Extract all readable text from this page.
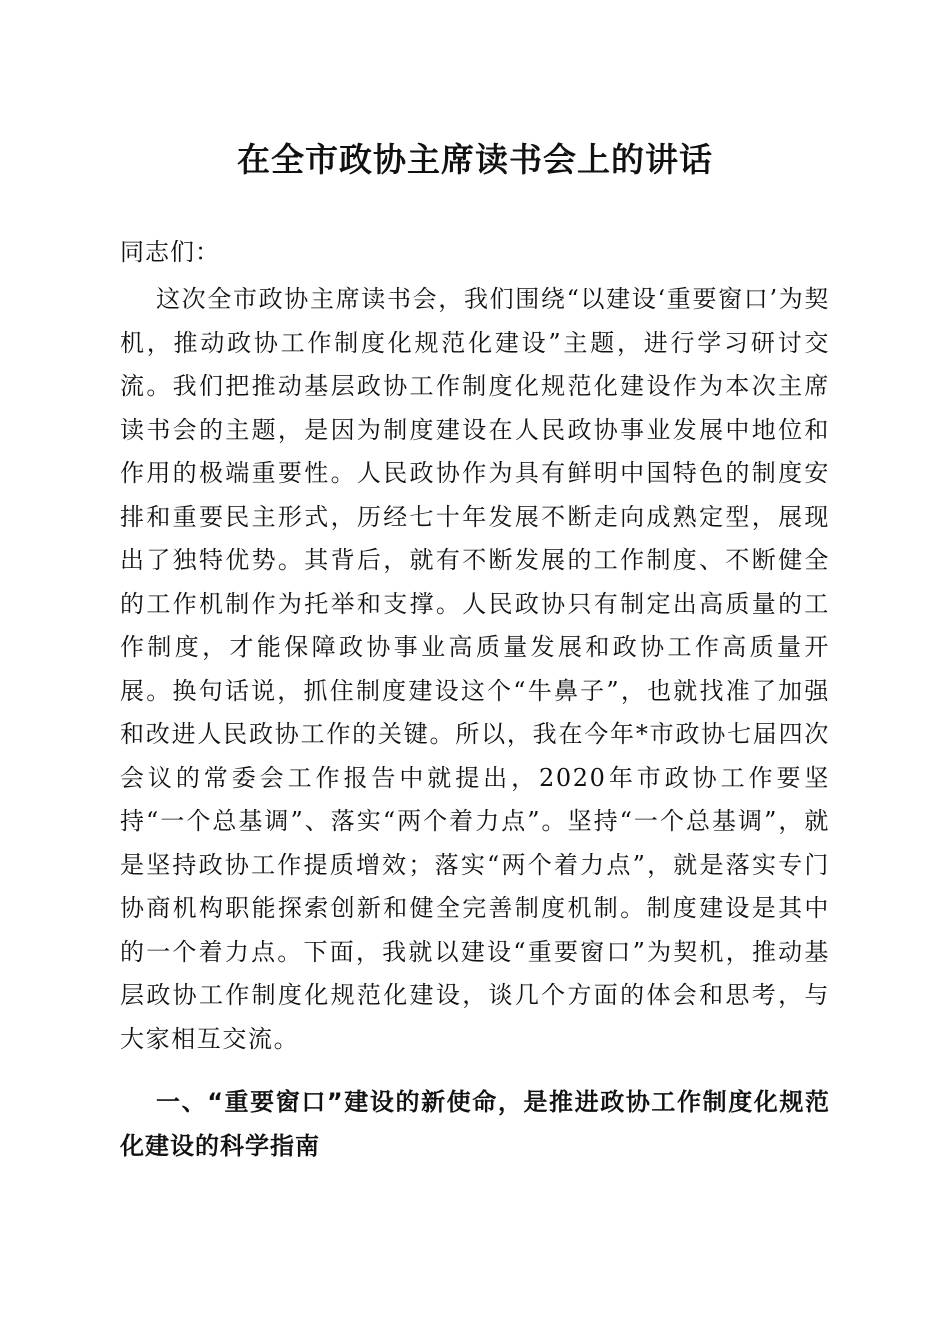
在全市政协主席读书会上的讲话
同志们：

这次全市政协主席读书会，我们围绕“以建设‘重要窗口’为契机，推动政协工作制度化规范化建设”主题，进行学习研讨交流。我们把推动基层政协工作制度化规范化建设作为本次主席读书会的主题，是因为制度建设在人民政协事业发展中地位和作用的极端重要性。人民政协作为具有鲜明中国特色的制度安排和重要民主形式，历经七十年发展不断走向成熟定型，展现出了独特优势。其背后，就有不断发展的工作制度、不断健全的工作机制作为托举和支撑。人民政协只有制定出高质量的工作制度，才能保障政协事业高质量发展和政协工作高质量开展。换句话说，抓住制度建设这个“牛鼻子”，也就找准了加强和改进人民政协工作的关键。所以，我在今年*市政协七届四次会议的常委会工作报告中就提出，2020年市政协工作要坚持“一个总基调”、落实“两个着力点”。坚持“一个总基调”，就是坚持政协工作提质增效；落实“两个着力点”，就是落实专门协商机构职能探索创新和健全完善制度机制。制度建设是其中的一个着力点。下面，我就以建设“重要窗口”为契机，推动基层政协工作制度化规范化建设，谈几个方面的体会和思考，与大家相互交流。

一、“重要窗口”建设的新使命，是推进政协工作制度化规范化建设的科学指南
